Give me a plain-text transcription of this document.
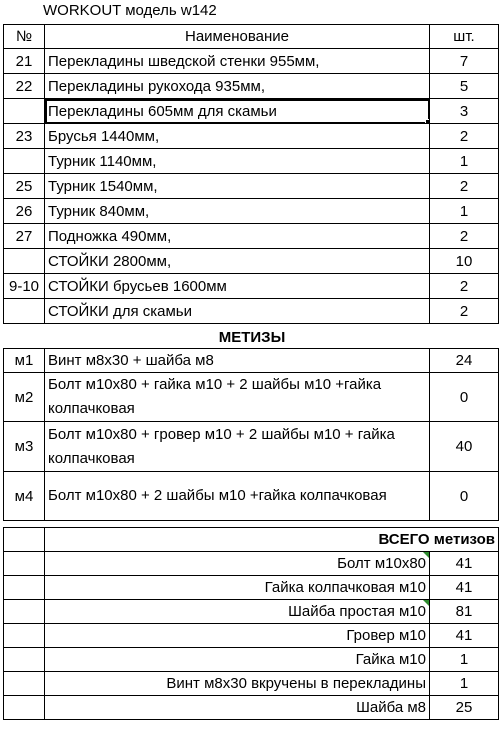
WORKOUT модель w142
№	Наименование	шт.
21	Перекладины шведской стенки 955мм,	7
22	Перекладины рукохода 935мм,	5
	Перекладины 605мм для скамьи	3
23	Брусья 1440мм,	2
	Турник 1140мм,	1
25	Турник 1540мм,	2
26	Турник 840мм,	1
27	Подножка 490мм,	2
	СТОЙКИ 2800мм,	10
9-10	СТОЙКИ брусьев 1600мм	2
	СТОЙКИ для скамьи	2
МЕТИЗЫ
м1	Винт м8х30 + шайба м8	24
м2	Болт м10х80 + гайка м10 + 2 шайбы м10 +гайка колпачковая	0
м3	Болт м10х80 + гровер м10 + 2 шайбы м10 + гайка колпачковая	40
м4	Болт м10х80 + 2 шайбы м10 +гайка колпачковая	0
	ВСЕГО метизов	
	Болт м10х80	41
	Гайка колпачковая м10	41
	Шайба простая м10	81
	Гровер м10	41
	Гайка м10	1
	Винт м8х30 вкручены в перекладины	1
	Шайба м8	25
